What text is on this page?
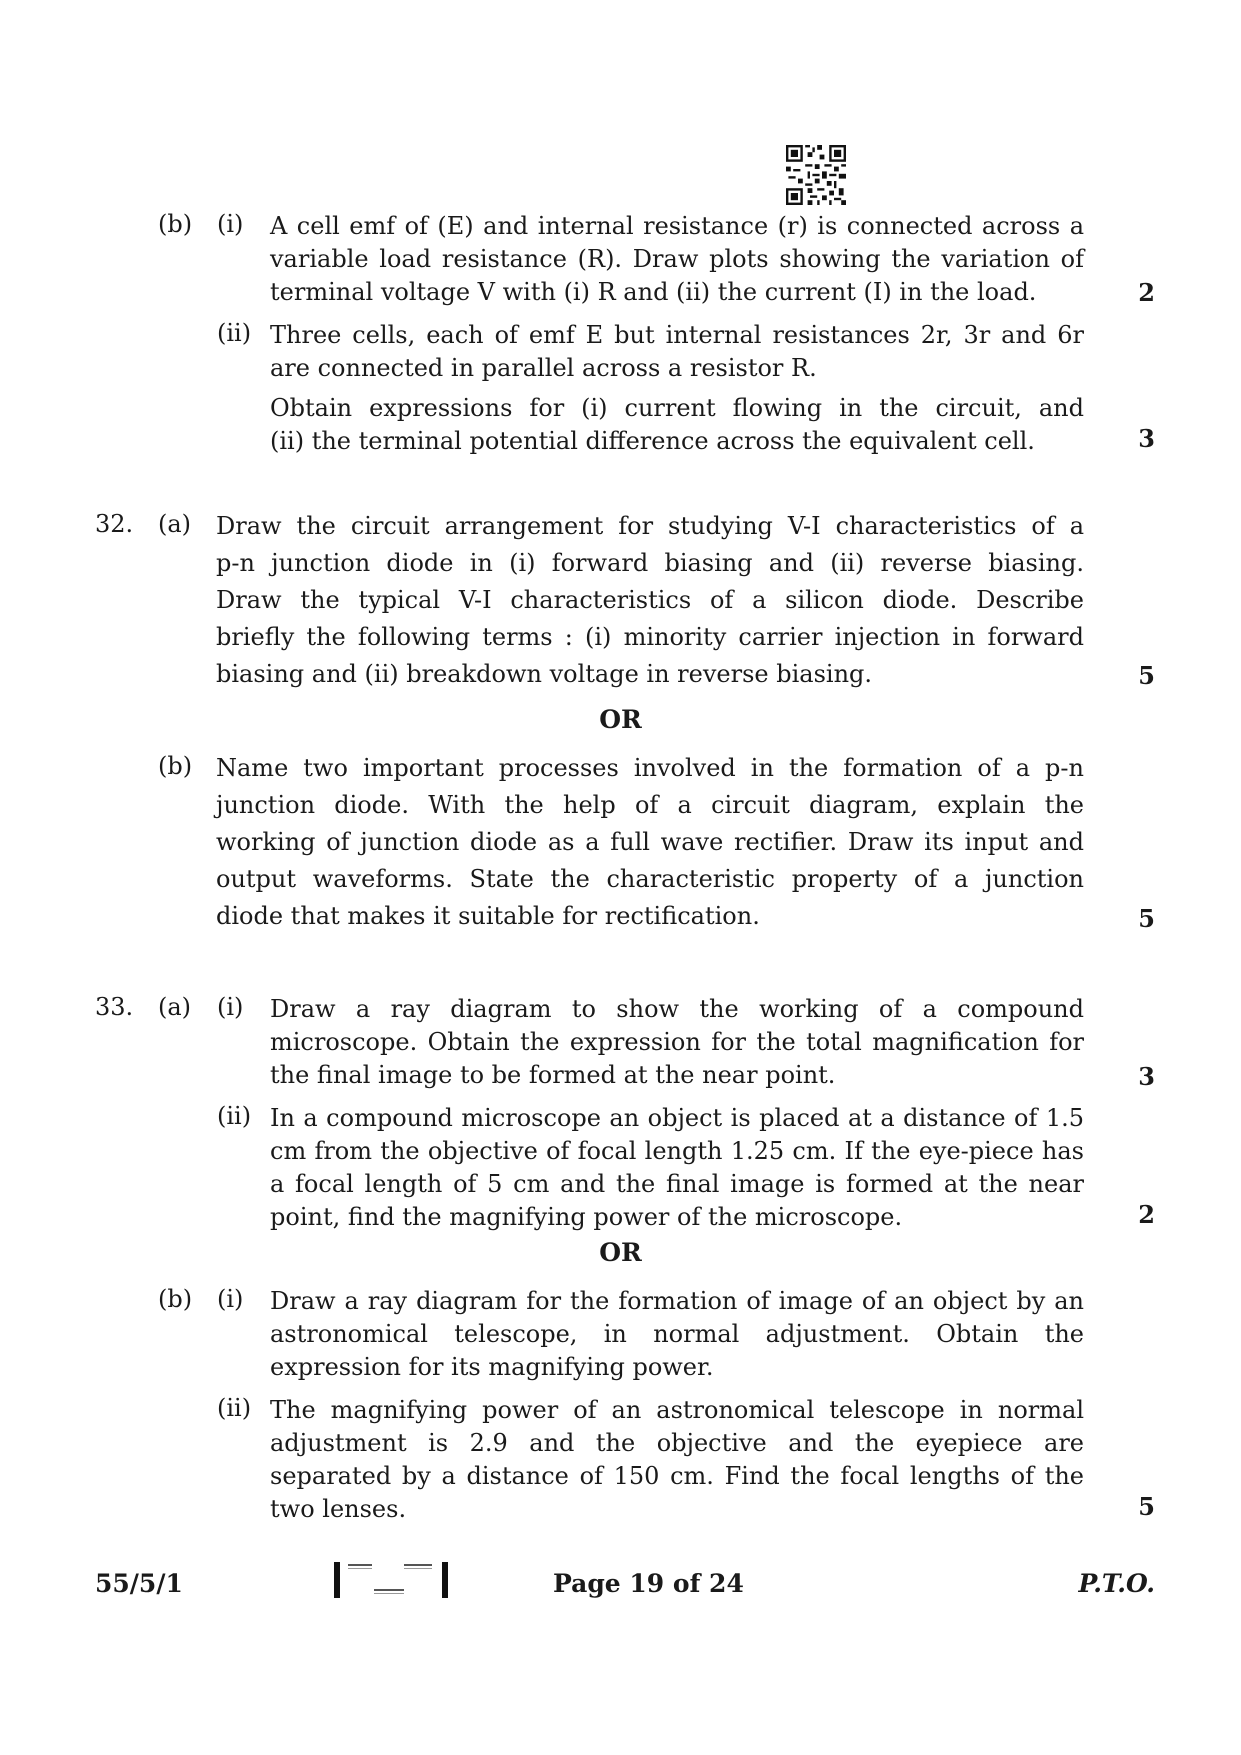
(b) (i) A cell emf of (E) and internal resistance (r) is connected across a
variable load resistance (R). Draw plots showing the variation of
terminal voltage V with (i) R and (ii) the current (I) in the load.	2
(ii) Three cells, each of emf E but internal resistances 2r, 3r and 6r
are connected in parallel across a resistor R.
Obtain expressions for (i) current flowing in the circuit, and
(ii) the terminal potential difference across the equivalent cell.	3
32. (a) Draw the circuit arrangement for studying V-I characteristics of a
p-n junction diode in (i) forward biasing and (ii) reverse biasing.
Draw the typical V-I characteristics of a silicon diode. Describe
briefly the following terms : (i) minority carrier injection in forward
biasing and (ii) breakdown voltage in reverse biasing.	5
OR
(b) Name two important processes involved in the formation of a p-n
junction diode. With the help of a circuit diagram, explain the
working of junction diode as a full wave rectifier. Draw its input and
output waveforms. State the characteristic property of a junction
diode that makes it suitable for rectification.	5
33. (a) (i) Draw a ray diagram to show the working of a compound
microscope. Obtain the expression for the total magnification for
the final image to be formed at the near point.	3
(ii) In a compound microscope an object is placed at a distance of 1.5
cm from the objective of focal length 1.25 cm. If the eye-piece has
a focal length of 5 cm and the final image is formed at the near
point, find the magnifying power of the microscope.	2
OR
(b) (i) Draw a ray diagram for the formation of image of an object by an
astronomical telescope, in normal adjustment. Obtain the
expression for its magnifying power.
(ii) The magnifying power of an astronomical telescope in normal
adjustment is 2.9 and the objective and the eyepiece are
separated by a distance of 150 cm. Find the focal lengths of the
two lenses.	5
55/5/1	Page 19 of 24	P.T.O.
